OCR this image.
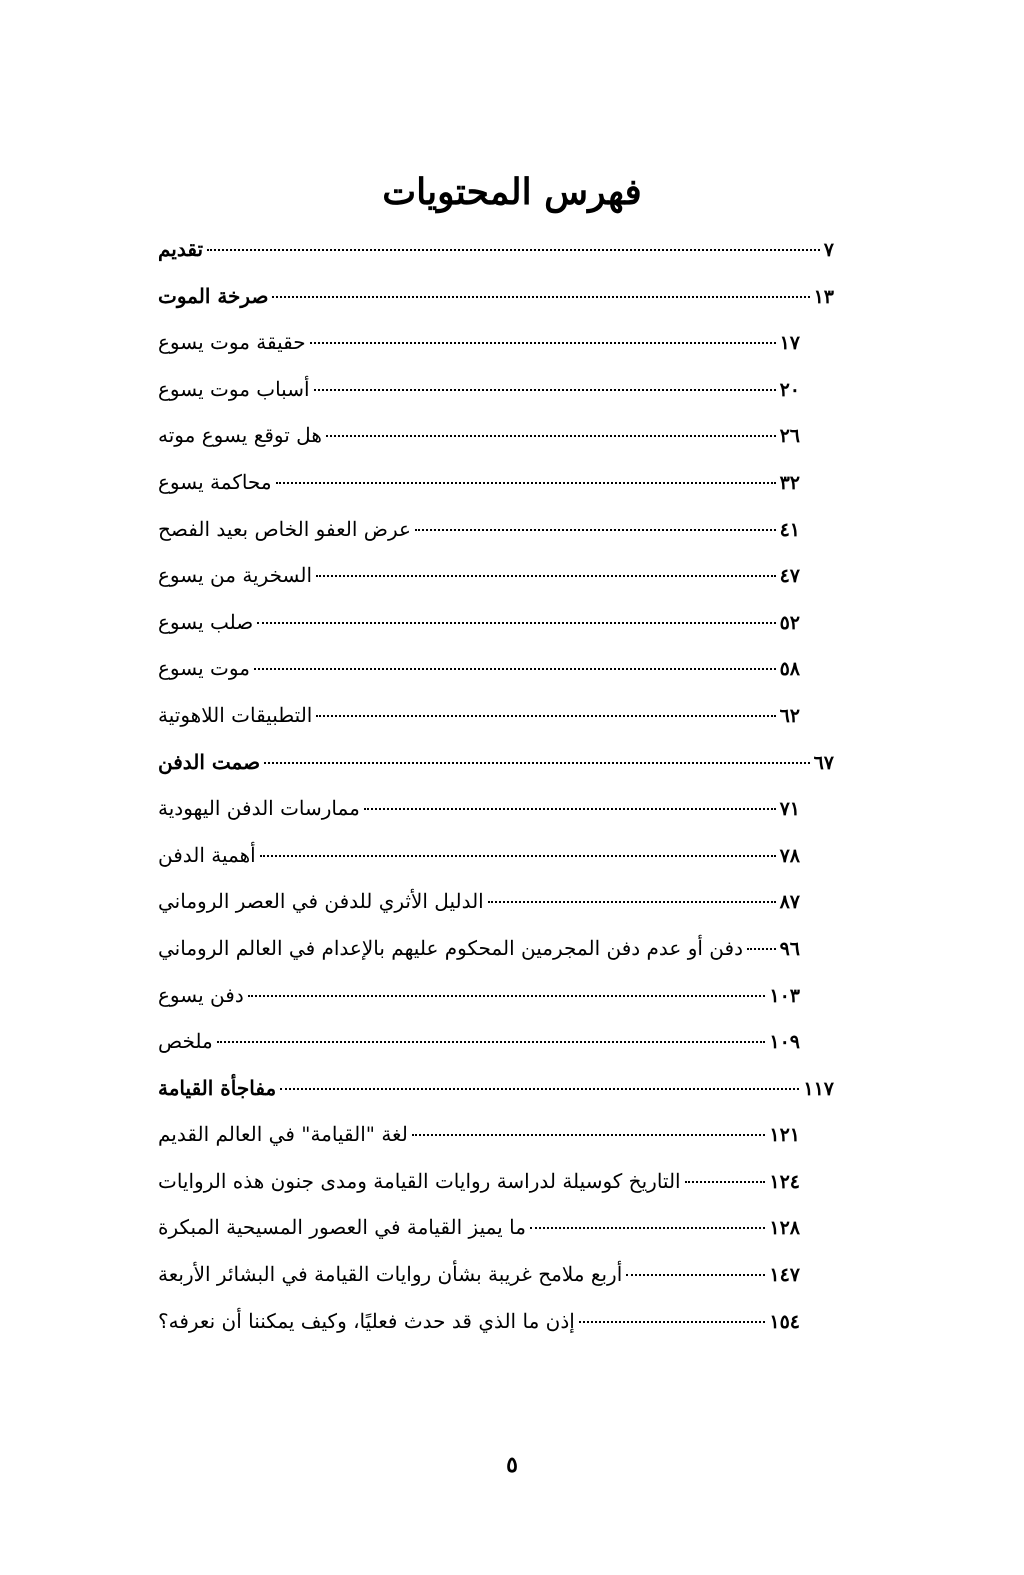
فهرس المحتويات
تقديم	٧
صرخة الموت	١٣
حقيقة موت يسوع	١٧
أسباب موت يسوع	٢٠
هل توقع يسوع موته	٢٦
محاكمة يسوع	٣٢
عرض العفو الخاص بعيد الفصح	٤١
السخرية من يسوع	٤٧
صلب يسوع	٥٢
موت يسوع	٥٨
التطبيقات اللاهوتية	٦٢
صمت الدفن	٦٧
ممارسات الدفن اليهودية	٧١
أهمية الدفن	٧٨
الدليل الأثري للدفن في العصر الروماني	٨٧
دفن أو عدم دفن المجرمين المحكوم عليهم بالإعدام في العالم الروماني ٩٦
دفن يسوع	١٠٣
ملخص	١٠٩
مفاجأة القيامة	١١٧
لغة "القيامة" في العالم القديم	١٢١
التاريخ كوسيلة لدراسة روايات القيامة ومدى جنون هذه الروايات	١٢٤
ما يميز القيامة في العصور المسيحية المبكرة	١٢٨
أربع ملامح غريبة بشأن روايات القيامة في البشائر الأربعة	١٤٧
إذن ما الذي قد حدث فعليًا، وكيف يمكننا أن نعرفه؟	١٥٤
٥
